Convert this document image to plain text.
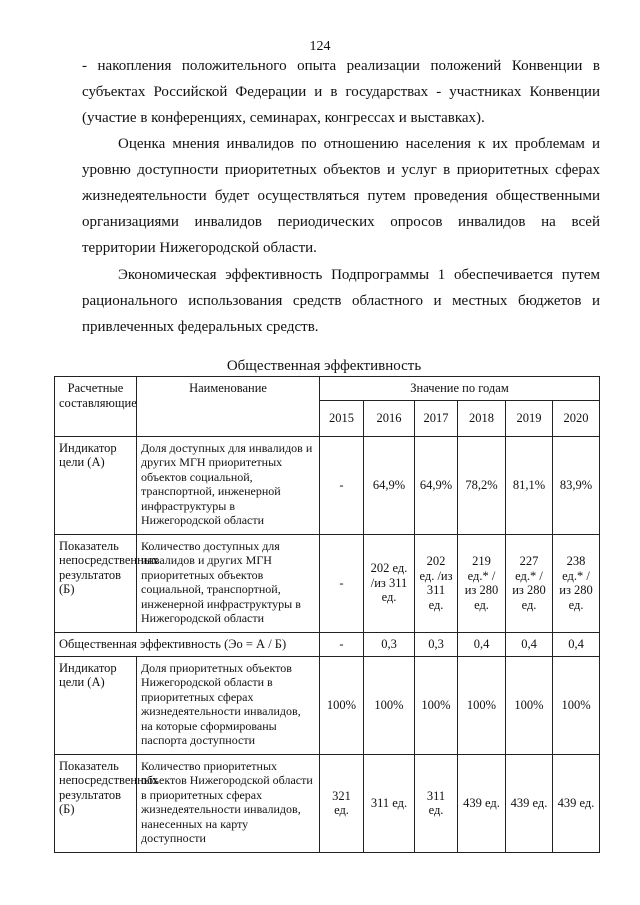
124

- накопления положительного опыта реализации положений Конвенции в субъектах Российской Федерации и в государствах - участниках Конвенции (участие в конференциях, семинарах, конгрессах и выставках).

Оценка мнения инвалидов по отношению населения к их проблемам и уровню доступности приоритетных объектов и услуг в приоритетных сферах жизнедеятельности будет осуществляться путем проведения общественными организациями инвалидов периодических опросов инвалидов на всей территории Нижегородской области.

Экономическая эффективность Подпрограммы 1 обеспечивается путем рационального использования средств областного и местных бюджетов и привлеченных федеральных средств.

Общественная эффективность
Расчетные составляющие	Наименование	Значение по годам					
		2015	2016	2017	2018	2019	2020
Индикатор цели (А)	Доля доступных для инвалидов и других МГН приоритетных объектов социальной, транспортной, инженерной инфраструктуры в Нижегородской области	-	64,9%	64,9%	78,2%	81,1%	83,9%
Показатель непосредственных результатов (Б)	Количество доступных для инвалидов и других МГН приоритетных объектов социальной, транспортной, инженерной инфраструктуры в Нижегородской области	-	202 ед. /из 311 ед.	202 ед. /из 311 ед.	219 ед.* /из 280 ед.	227 ед.* /из 280 ед.	238 ед.* /из 280 ед.
Общественная эффективность (Эо = А / Б)		-	0,3	0,3	0,4	0,4	0,4
Индикатор цели (А)	Доля приоритетных объектов Нижегородской области в приоритетных сферах жизнедеятельности инвалидов, на которые сформированы паспорта доступности	100%	100%	100%	100%	100%	100%
Показатель непосредственных результатов (Б)	Количество приоритетных объектов Нижегородской области в приоритетных сферах жизнедеятельности инвалидов, нанесенных на карту доступности	321 ед.	311 ед.	311 ед.	439 ед.	439 ед.	439 ед.
